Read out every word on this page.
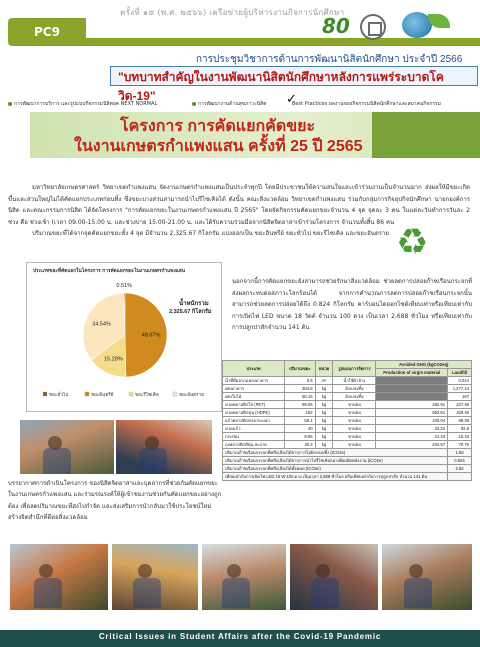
PC9
ครั้งที่ ๑๕ (พ.ศ. ๒๕๖๖) เครือข่ายผู้บริหารงานกิจการนักศึกษา
80
การประชุมวิชาการด้านการพัฒนานิสิตนักศึกษา ประจำปี 2566
"บทบาทสำคัญในงานพัฒนานิสิตนักศึกษาหลังการแพร่ระบาดโควิด-19"
การพัฒนาการบริการ และรูปแบบกิจกรรมนิสิตยุค NEXT NORMAL	การพัฒนางานด้านสุขภาวะนิสิต ✓
Best Practices ผลงานของกิจกรรมนิสิตนักศึกษาและสมาคมกิจกรรม
โครงการ การคัดแยกคัดขยะ
ในงานเกษตรกำแพงแสน ครั้งที่ 25 ปี 2565

มหาวิทยาลัยเกษตรศาสตร์ วิทยาเขตกำแพงแสน จัดงานเกษตรกำแพงแสนเป็นประจำทุกปี โดยมีประชาชนให้ความสนใจและเข้าร่วมงานเป็นจำนวนมาก ส่งผลให้มีขยะเกิดขึ้นและส่วนใหญ่ไม่ได้คัดแยกประเภทก่อนทิ้ง ซึ่งขยะบางส่วนสามารถนำไปรีไซเคิลได้ ดังนั้น คณะสิ่งแวดล้อม วิทยาเขตกำแพงแสน ร่วมกับกลุ่มการกิจอุปกิจนักศึกษา นายกองค์การนิสิต และคณะกรรมการนิสิต ได้จัดโครงการ "การคัดแยกขยะในงานเกษตรกำแพงแสน ปี 2565" โดยจัดกิจกรรมคัดแยกขยะจำนวน 4 จุด จุดละ 3 คน ในแต่ละวันทำการวันละ 2 ช่วง คือ ช่วงเช้า (เวลา 09.00-15.00 น. และช่วงบ่าย 15.00-21.00 น. และได้รับความร่วมมือจากนิสิตจิตอาสาเข้าร่วมโครงการ จำนวนทั้งสิ้น 86 คน

ปริมาณขยะที่ได้จากจุดคัดแยกขยะทั้ง 4 จุด มีจำนวน 2,325.67 กิโลกรัม แบ่งออกเป็น ขยะอินทรีย์ ขยะทั่วไป ขยะรีไซเคิล และขยะอันตราย ♻
0.51%
49.67%
15.28%
34.54%
น้ำหนักรวม
2,325.67 กิโลกรัม
ขยะทั่วไป	ขยะอินทรีย์	ขยะรีไซเคิล	ขยะอันตราย
ประเภทขยะที่คัดแยกในโครงการ การคัดแยกขยะในงานเกษตรกำแพงแสน
นอกจากนี้การคัดแยกขยะยังสามารถช่วยรักษาสิ่งแวดล้อม ช่วยลดการปล่อยก๊าซเรือนกระจกที่ส่งผลกระทบต่อสภาวะโลกร้อนได้ จากการคำนวณการลดการปล่อยก๊าซเรือนกระจกนั้น สามารถช่วยลดการปล่อยได้ถึง 0.824 กิโลกรัม คาร์บอนไดออกไซด์เทียบเท่าหรือเทียบเท่ากับการเปิดไฟ LED ขนาด 18 วัตต์ จำนวน 100 ดวง เป็นเวลา 2,688 ชั่วโมง หรือเทียบเท่ากับการปลูกป่าสักจำนวน 141 ต้น
ประเภท	ปริมาณขยะ	หน่วย	รูปแบบการจัดการ	Avoided GHG (kgCO2eq)	
				Production of virgin material	Landfill
น้ำที่ดื่มจากแหล่งอาหาร	0.6	m³	น้ำใช้ผ้าล้าง		0.014
เศษอาหาร	304.8	kg	ฝังกลบ/ทิ้ง		1,277.14
เศษใบไม้	50.15	kg	ฝังกลบ/ทิ้ง		167
ขวดพลาสติกใส (PET)	99.05	kg	ขายต่อ	282.91	227.48
ขวดพลาสติกขุ่น (HDPE)	162	kg	ขายต่อ	952.61	329.49
แก้วพลาสติกทรงกระบอก	58.1	kg	ขายต่อ	100.04	88.39
ขวดแก้ว	40	kg	ขายต่อ	33.22	92.8
กระป๋อง	8.85	kg	ขายต่อ	21.43	15.43
ถุงพลาสติกสีขุ่น สะอาด	30.3	kg	ขายต่อ	204.57	70.76
ปริมาณก๊าซเรือนกระจกที่หลีกเลี่ยงได้จากการไม่ฝังกลบ/ทิ้ง (tCO2e)					1.59
ปริมาณก๊าซเรือนกระจกที่หลีกเลี่ยงได้จากการนำไปรีไซเคิล/เผาเพื่อผลิตพลังงาน (tCO2e)					0.824
ปริมาณก๊าซเรือนกระจกที่หลีกเลี่ยงได้ทั้งหมด (tCO2e)					2.82
เทียบเท่ากับการเปิดไฟ LED 18 W 100 ดวง เป็นเวลา 2,688 ชั่วโมง หรือเทียบเท่ากับการปลูกป่าสัก จำนวน 141 ต้น					
บรรยากาศการดำเนินโครงการ ของนิสิตจิตอาสาและบุคลากรที่ช่วยกันคัดแยกขยะในงานเกษตรกำแพงแสน และร่วมรณรงค์ให้ผู้เข้าชมงานช่วยกันคัดแยกขยะอย่างถูกต้อง เพื่อลดปริมาณขยะที่ส่งไปกำจัด และส่งเสริมการนำกลับมาใช้ประโยชน์ใหม่ สร้างจิตสำนึกที่ดีต่อสิ่งแวดล้อม
Critical Issues in Student Affairs after the Covid-19 Pandemic
